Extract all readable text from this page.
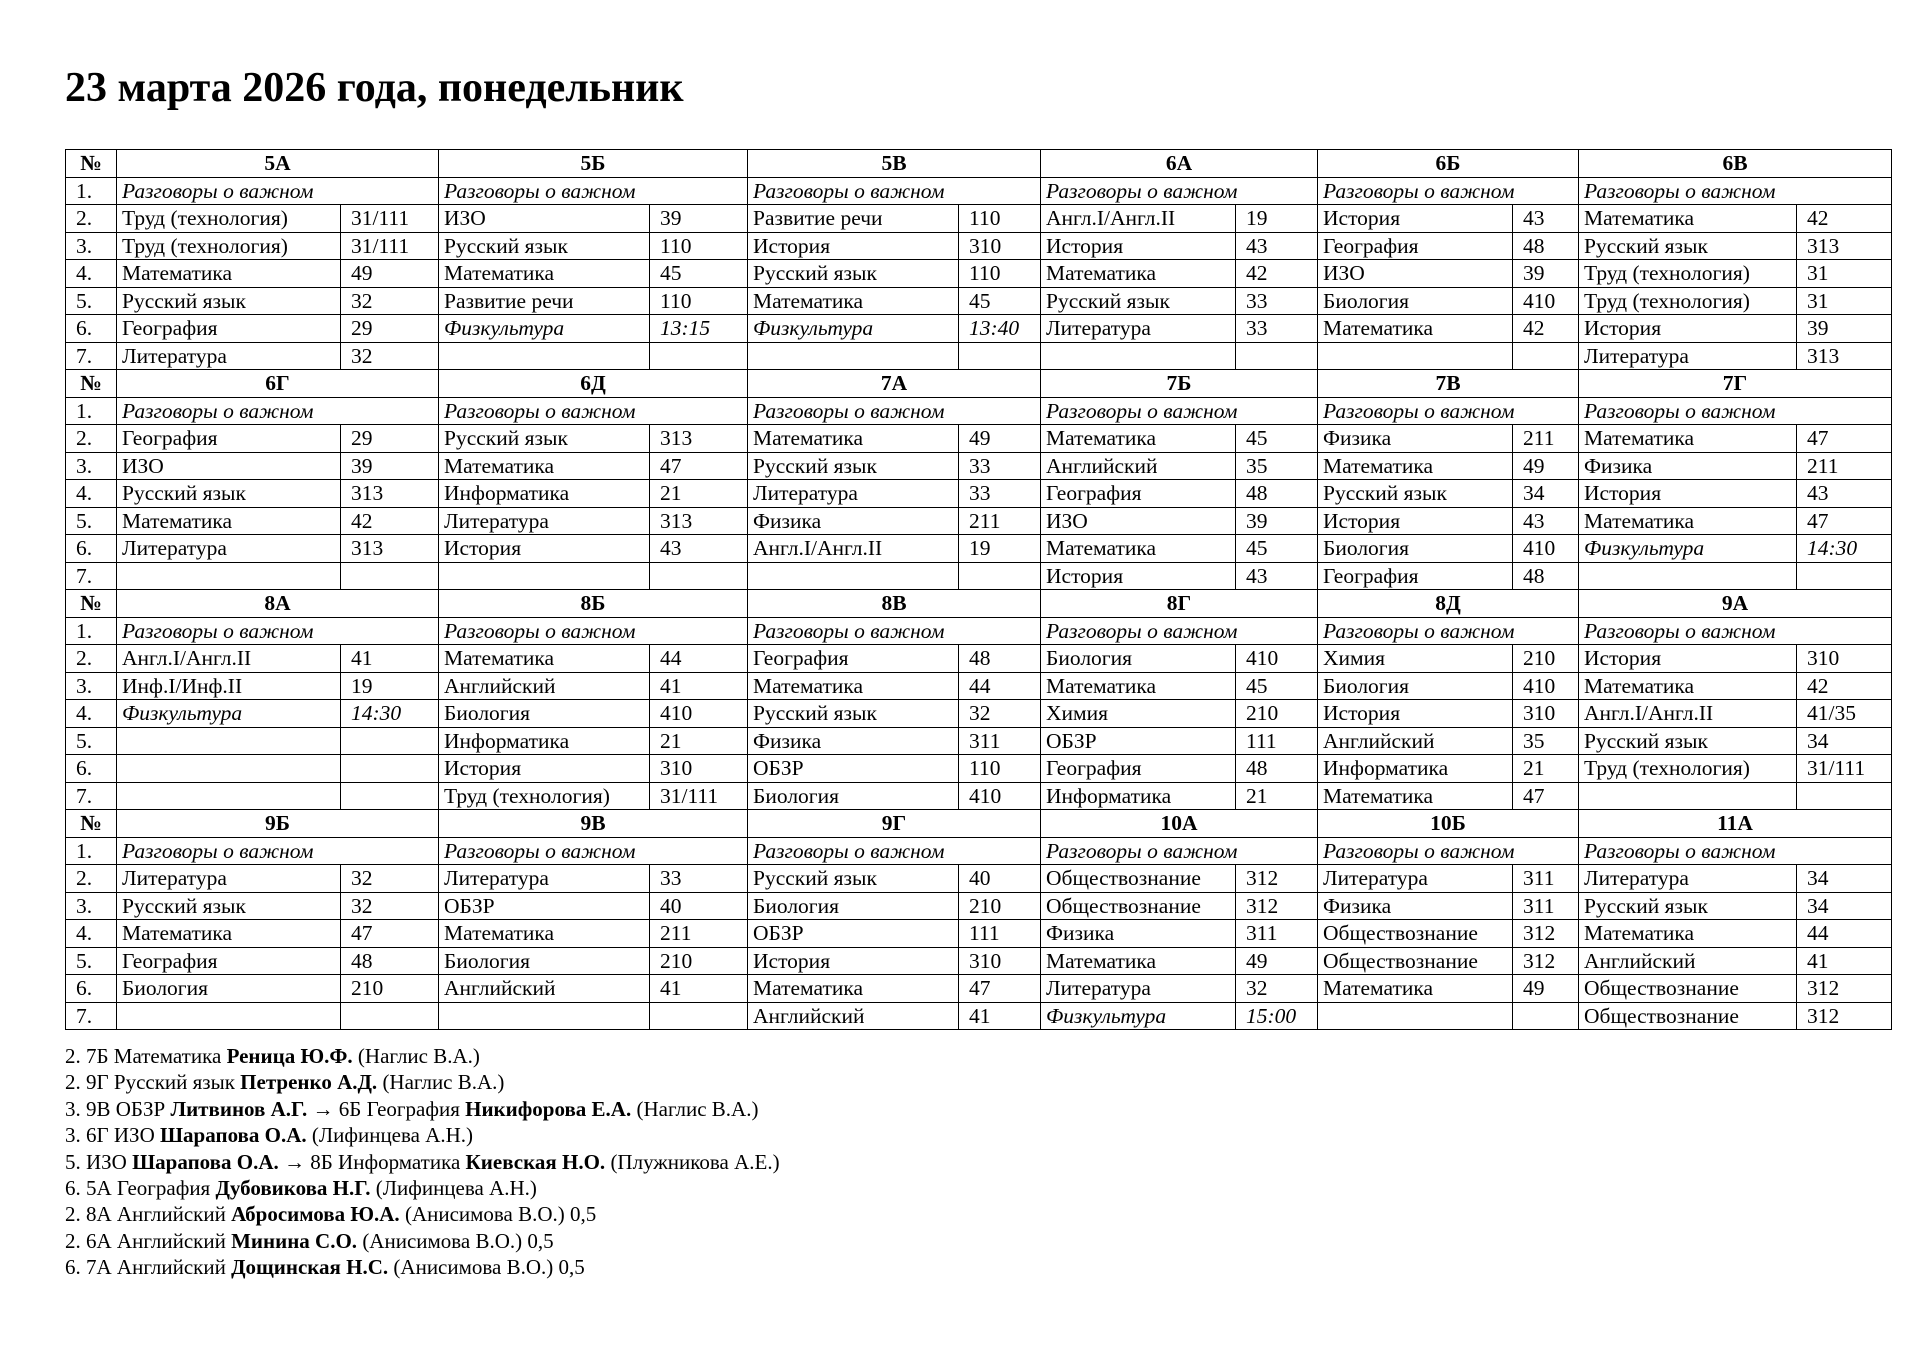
23 марта 2026 года, понедельник
№	5А		5Б		5В		6А		6Б		6В	
1.	Разговоры о важном		Разговоры о важном		Разговоры о важном		Разговоры о важном		Разговоры о важном		Разговоры о важном	
2.	Труд (технология)	31/111	ИЗО	39	Развитие речи	110	Англ.I/Англ.II	19	История	43	Математика	42
3.	Труд (технология)	31/111	Русский язык	110	История	310	История	43	География	48	Русский язык	313
4.	Математика	49	Математика	45	Русский язык	110	Математика	42	ИЗО	39	Труд (технология)	31
5.	Русский язык	32	Развитие речи	110	Математика	45	Русский язык	33	Биология	410	Труд (технология)	31
6.	География	29	Физкультура	13:15	Физкультура	13:40	Литература	33	Математика	42	История	39
7.	Литература	32									Литература	313
№	6Г		6Д		7А		7Б		7В		7Г	
1.	Разговоры о важном		Разговоры о важном		Разговоры о важном		Разговоры о важном		Разговоры о важном		Разговоры о важном	
2.	География	29	Русский язык	313	Математика	49	Математика	45	Физика	211	Математика	47
3.	ИЗО	39	Математика	47	Русский язык	33	Английский	35	Математика	49	Физика	211
4.	Русский язык	313	Информатика	21	Литература	33	География	48	Русский язык	34	История	43
5.	Математика	42	Литература	313	Физика	211	ИЗО	39	История	43	Математика	47
6.	Литература	313	История	43	Англ.I/Англ.II	19	Математика	45	Биология	410	Физкультура	14:30
7.							История	43	География	48		
№	8А		8Б		8В		8Г		8Д		9А	
1.	Разговоры о важном		Разговоры о важном		Разговоры о важном		Разговоры о важном		Разговоры о важном		Разговоры о важном	
2.	Англ.I/Англ.II	41	Математика	44	География	48	Биология	410	Химия	210	История	310
3.	Инф.I/Инф.II	19	Английский	41	Математика	44	Математика	45	Биология	410	Математика	42
4.	Физкультура	14:30	Биология	410	Русский язык	32	Химия	210	История	310	Англ.I/Англ.II	41/35
5.			Информатика	21	Физика	311	ОБЗР	111	Английский	35	Русский язык	34
6.			История	310	ОБЗР	110	География	48	Информатика	21	Труд (технология)	31/111
7.			Труд (технология)	31/111	Биология	410	Информатика	21	Математика	47		
№	9Б		9В		9Г		10А		10Б		11А	
1.	Разговоры о важном		Разговоры о важном		Разговоры о важном		Разговоры о важном		Разговоры о важном		Разговоры о важном	
2.	Литература	32	Литература	33	Русский язык	40	Обществознание	312	Литература	311	Литература	34
3.	Русский язык	32	ОБЗР	40	Биология	210	Обществознание	312	Физика	311	Русский язык	34
4.	Математика	47	Математика	211	ОБЗР	111	Физика	311	Обществознание	312	Математика	44
5.	География	48	Биология	210	История	310	Математика	49	Обществознание	312	Английский	41
6.	Биология	210	Английский	41	Математика	47	Литература	32	Математика	49	Обществознание	312
7.					Английский	41	Физкультура	15:00			Обществознание	312
2. 7Б Математика Реница Ю.Ф. (Наглис В.А.)
2. 9Г Русский язык Петренко А.Д. (Наглис В.А.)
3. 9В ОБЗР Литвинов А.Г. → 6Б География Никифорова Е.А. (Наглис В.А.)
3. 6Г ИЗО Шарапова О.А. (Лифинцева А.Н.)
5. ИЗО Шарапова О.А. → 8Б Информатика Киевская Н.О. (Плужникова А.Е.)
6. 5А География Дубовикова Н.Г. (Лифинцева А.Н.)
2. 8А Английский Абросимова Ю.А. (Анисимова В.О.) 0,5
2. 6А Английский Минина С.О. (Анисимова В.О.) 0,5
6. 7А Английский Дощинская Н.С. (Анисимова В.О.) 0,5
